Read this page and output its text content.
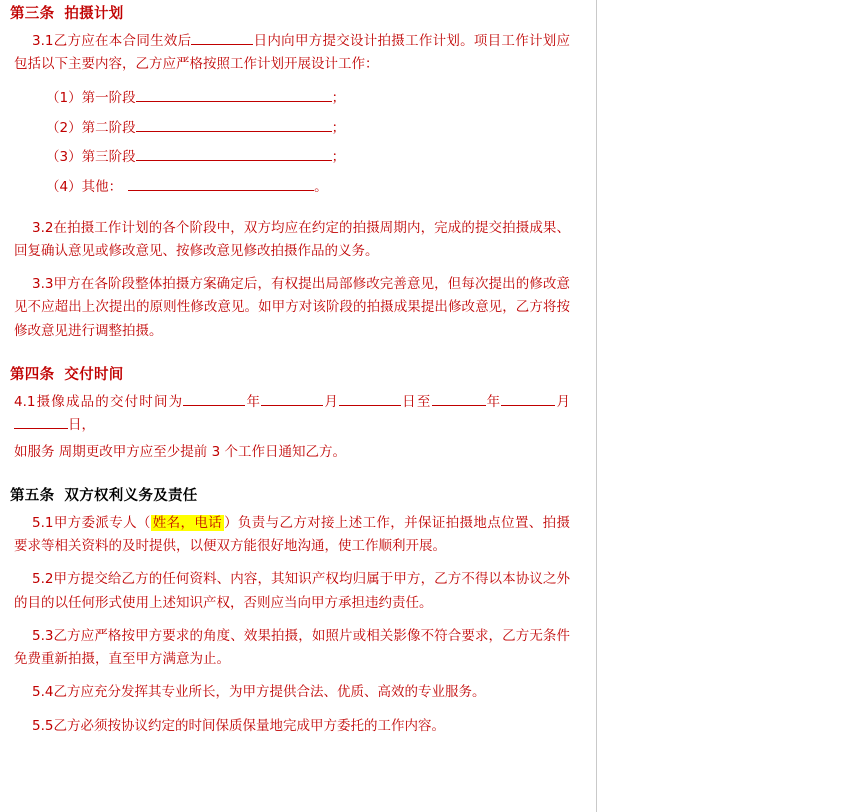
第三条 拍摄计划

3.1乙方应在本合同生效后	日内向甲方提交设计拍摄工作计划。项目工作计划应包括以下主要内容，乙方应严格按照工作计划开展设计工作：

（1）第一阶段	；

（2）第二阶段	；

（3）第三阶段	；

（4）其他：	。

3.2在拍摄工作计划的各个阶段中，双方均应在约定的拍摄周期内，完成的提交拍摄成果、回复确认意见或修改意见、按修改意见修改拍摄作品的义务。

3.3甲方在各阶段整体拍摄方案确定后，有权提出局部修改完善意见，但每次提出的修改意见不应超出上次提出的原则性修改意见。如甲方对该阶段的拍摄成果提出修改意见，乙方将按修改意见进行调整拍摄。

第四条 交付时间

4.1摄像成品的交付时间为	年	月	日至	年	月日，

如服务 周期更改甲方应至少提前 3 个工作日通知乙方。

第五条 双方权利义务及责任

5.1甲方委派专人（ 姓名，电话 ）负责与乙方对接上述工作，并保证拍摄地点位置、拍摄要求等相关资料的及时提供，以便双方能很好地沟通，使工作顺利开展。

5.2甲方提交给乙方的任何资料、内容，其知识产权均归属于甲方，乙方不得以本协议之外的目的以任何形式使用上述知识产权，否则应当向甲方承担违约责任。

5.3乙方应严格按甲方要求的角度、效果拍摄，如照片或相关影像不符合要求，乙方无条件免费重新拍摄，直至甲方满意为止。

5.4乙方应充分发挥其专业所长，为甲方提供合法、优质、高效的专业服务。

5.5乙方必须按协议约定的时间保质保量地完成甲方委托的工作内容。
